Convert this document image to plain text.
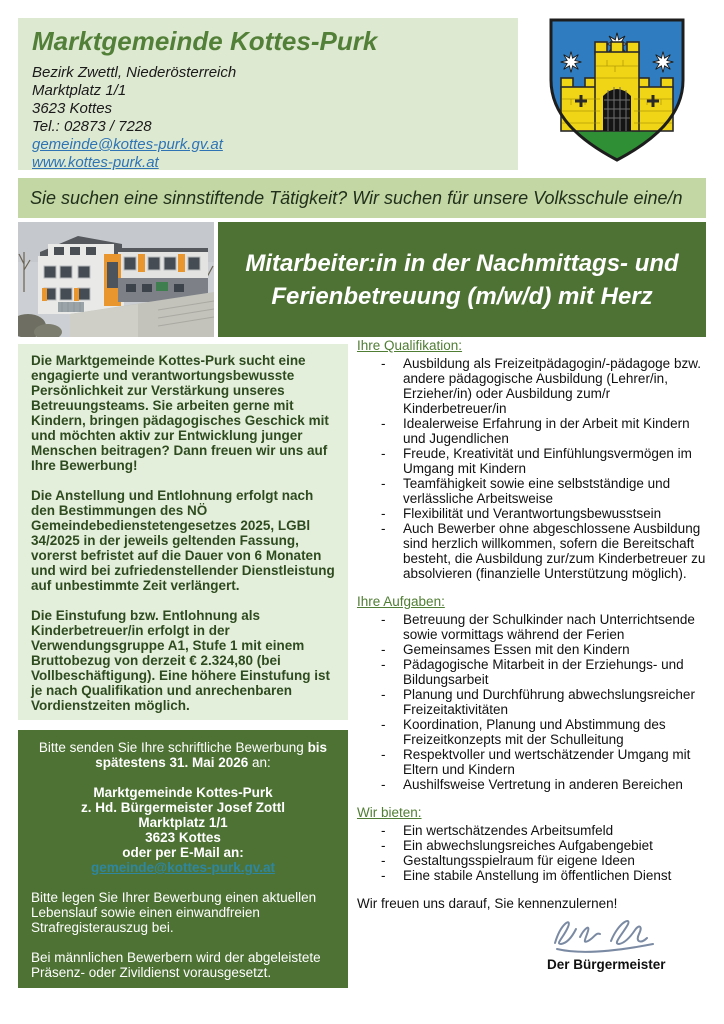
Marktgemeinde Kottes-Purk
Bezirk Zwettl, Niederösterreich
Marktplatz 1/1
3623 Kottes
Tel.: 02873 / 7228
gemeinde@kottes-purk.gv.at
www.kottes-purk.at
Sie suchen eine sinnstiftende Tätigkeit? Wir suchen für unsere Volksschule eine/n
Mitarbeiter:in in der Nachmittags- und Ferienbetreuung (m/w/d) mit Herz

Die Marktgemeinde Kottes-Purk sucht eine engagierte und verantwortungsbewusste Persönlichkeit zur Verstärkung unseres Betreuungsteams. Sie arbeiten gerne mit Kindern, bringen pädagogisches Geschick mit und möchten aktiv zur Entwicklung junger Menschen beitragen? Dann freuen wir uns auf Ihre Bewerbung!

Die Anstellung und Entlohnung erfolgt nach den Bestimmungen des NÖ Gemeindebedienstetengesetzes 2025, LGBl 34/2025 in der jeweils geltenden Fassung, vorerst befristet auf die Dauer von 6 Monaten und wird bei zufriedenstellender Dienstleistung auf unbestimmte Zeit verlängert.

Die Einstufung bzw. Entlohnung als Kinderbetreuer/in erfolgt in der Verwendungsgruppe A1, Stufe 1 mit einem Bruttobezug von derzeit € 2.324,80 (bei Vollbeschäftigung). Eine höhere Einstufung ist je nach Qualifikation und anrechenbaren Vordienstzeiten möglich.

Bitte senden Sie Ihre schriftliche Bewerbung bis spätestens 31. Mai 2026 an:
Marktgemeinde Kottes-Purk
z. Hd. Bürgermeister Josef Zottl
Marktplatz 1/1
3623 Kottes
oder per E-Mail an:
gemeinde@kottes-purk.gv.at
Bitte legen Sie Ihrer Bewerbung einen aktuellen Lebenslauf sowie einen einwandfreien Strafregisterauszug bei.
Bei männlichen Bewerbern wird der abgeleistete Präsenz- oder Zivildienst vorausgesetzt.
Ihre Qualifikation:
- Ausbildung als Freizeitpädagogin/-pädagoge bzw. andere pädagogische Ausbildung (Lehrer/in, Erzieher/in) oder Ausbildung zum/r Kinderbetreuer/in
- Idealerweise Erfahrung in der Arbeit mit Kindern und Jugendlichen
- Freude, Kreativität und Einfühlungsvermögen im Umgang mit Kindern
- Teamfähigkeit sowie eine selbstständige und verlässliche Arbeitsweise
- Flexibilität und Verantwortungsbewusstsein
- Auch Bewerber ohne abgeschlossene Ausbildung sind herzlich willkommen, sofern die Bereitschaft besteht, die Ausbildung zur/zum Kinderbetreuer zu absolvieren (finanzielle Unterstützung möglich).
Ihre Aufgaben:
- Betreuung der Schulkinder nach Unterrichtsende sowie vormittags während der Ferien
- Gemeinsames Essen mit den Kindern
- Pädagogische Mitarbeit in der Erziehungs- und Bildungsarbeit
- Planung und Durchführung abwechslungsreicher Freizeitaktivitäten
- Koordination, Planung und Abstimmung des Freizeitkonzepts mit der Schulleitung
- Respektvoller und wertschätzender Umgang mit Eltern und Kindern
- Aushilfsweise Vertretung in anderen Bereichen
Wir bieten:
- Ein wertschätzendes Arbeitsumfeld
- Ein abwechslungsreiches Aufgabengebiet
- Gestaltungsspielraum für eigene Ideen
- Eine stabile Anstellung im öffentlichen Dienst
Wir freuen uns darauf, Sie kennenzulernen!
Der Bürgermeister
